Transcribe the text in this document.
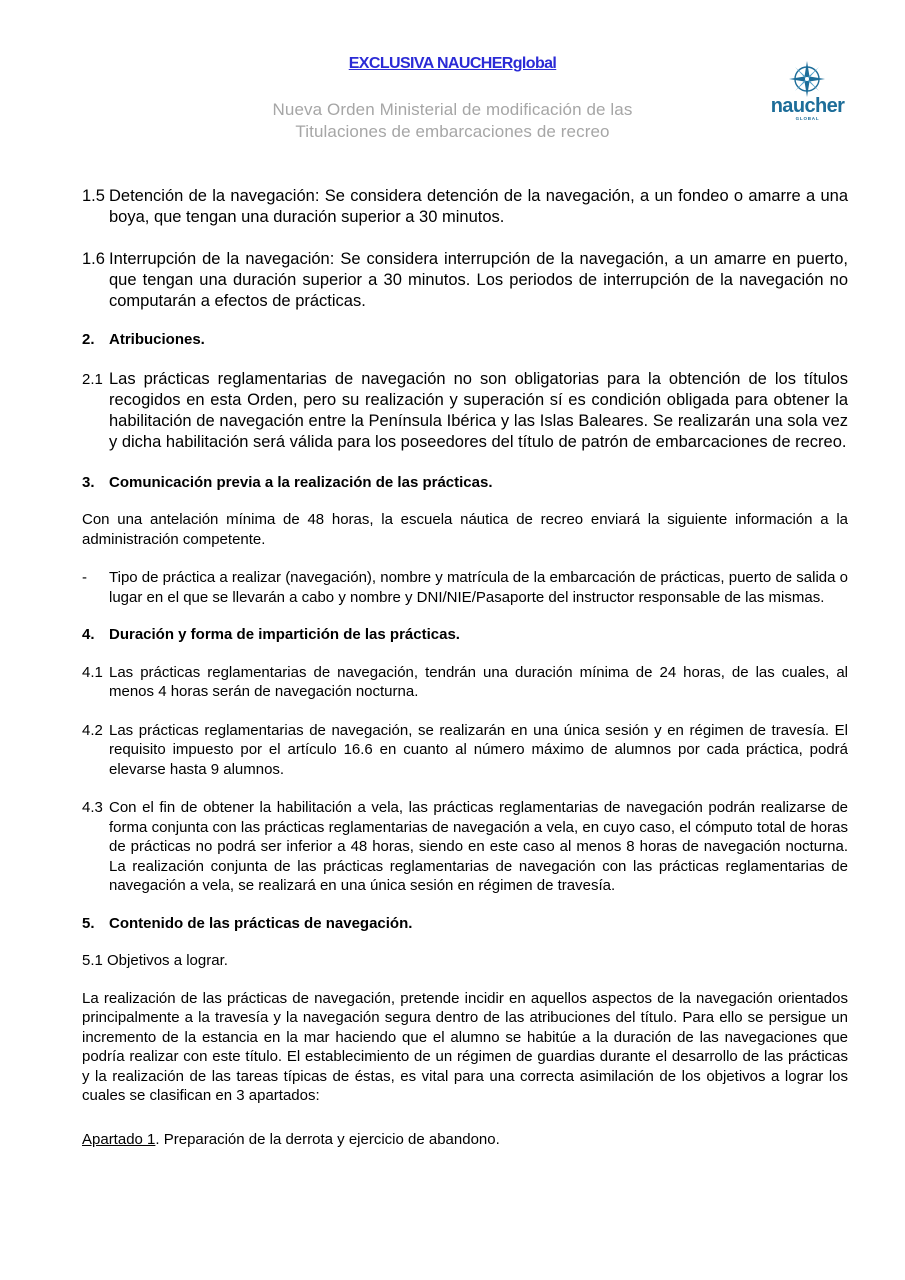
EXCLUSIVA NAUCHERglobal
Nueva Orden Ministerial de modificación de las
Titulaciones de embarcaciones de recreo
naucher
GLOBAL
1.5 Detención de la navegación: Se considera detención de la navegación, a un fondeo o amarre a una boya, que tengan una duración superior a 30 minutos.
1.6 Interrupción de la navegación: Se considera interrupción de la navegación, a un amarre en puerto, que tengan una duración superior a 30 minutos. Los periodos de interrupción de la navegación no computarán a efectos de prácticas.
2. Atribuciones.
2.1 Las prácticas reglamentarias de navegación no son obligatorias para la obtención de los títulos recogidos en esta Orden, pero su realización y superación sí es condición obligada para obtener la habilitación de navegación entre la Península Ibérica y las Islas Baleares. Se realizarán una sola vez y dicha habilitación será válida para los poseedores del título de patrón de embarcaciones de recreo.
3. Comunicación previa a la realización de las prácticas.
Con una antelación mínima de 48 horas, la escuela náutica de recreo enviará la siguiente información a la administración competente.
- Tipo de práctica a realizar (navegación), nombre y matrícula de la embarcación de prácticas, puerto de salida o lugar en el que se llevarán a cabo y nombre y DNI/NIE/Pasaporte del instructor responsable de las mismas.
4. Duración y forma de impartición de las prácticas.
4.1 Las prácticas reglamentarias de navegación, tendrán una duración mínima de 24 horas, de las cuales, al menos 4 horas serán de navegación nocturna.
4.2 Las prácticas reglamentarias de navegación, se realizarán en una única sesión y en régimen de travesía. El requisito impuesto por el artículo 16.6 en cuanto al número máximo de alumnos por cada práctica, podrá elevarse hasta 9 alumnos.
4.3 Con el fin de obtener la habilitación a vela, las prácticas reglamentarias de navegación podrán realizarse de forma conjunta con las prácticas reglamentarias de navegación a vela, en cuyo caso, el cómputo total de horas de prácticas no podrá ser inferior a 48 horas, siendo en este caso al menos 8 horas de navegación nocturna. La realización conjunta de las prácticas reglamentarias de navegación con las prácticas reglamentarias de navegación a vela, se realizará en una única sesión en régimen de travesía.
5. Contenido de las prácticas de navegación.
5.1 Objetivos a lograr.
La realización de las prácticas de navegación, pretende incidir en aquellos aspectos de la navegación orientados principalmente a la travesía y la navegación segura dentro de las atribuciones del título. Para ello se persigue un incremento de la estancia en la mar haciendo que el alumno se habitúe a la duración de las navegaciones que podría realizar con este título. El establecimiento de un régimen de guardias durante el desarrollo de las prácticas y la realización de las tareas típicas de éstas, es vital para una correcta asimilación de los objetivos a lograr los cuales se clasifican en 3 apartados:
Apartado 1. Preparación de la derrota y ejercicio de abandono.
